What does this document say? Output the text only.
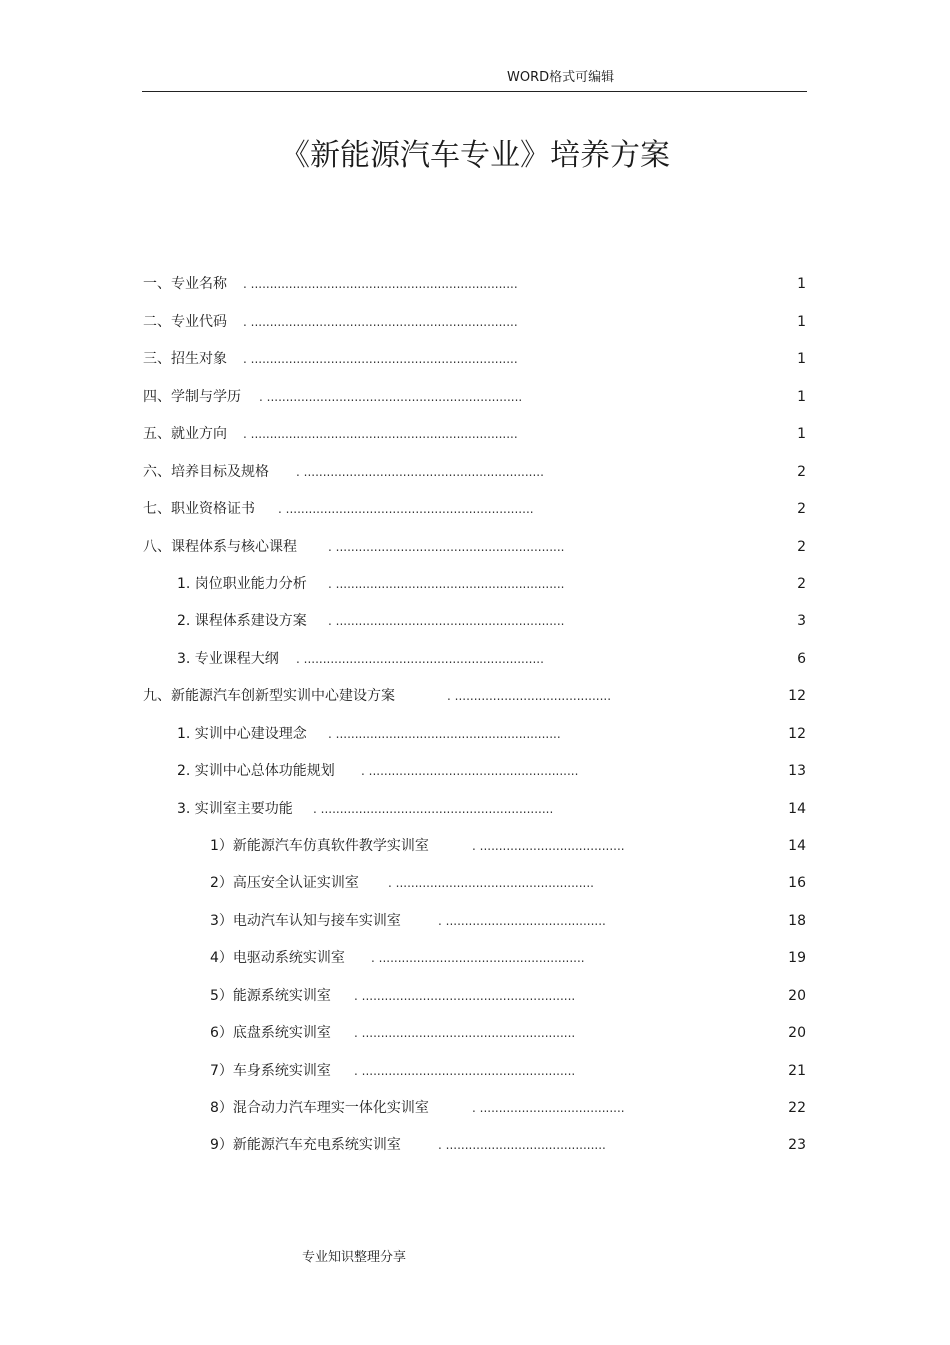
WORD格式可编辑
《新能源汽车专业》培养方案
一、专业名称 . ......................................................................	1
二、专业代码 . ......................................................................	1
三、招生对象 . ......................................................................	1
四、学制与学历 . ...................................................................	1
五、就业方向 . ......................................................................	1
六、培养目标及规格 . ...............................................................	2
七、职业资格证书 . .................................................................	2
八、课程体系与核心课程	. ............................................................	2
1. 岗位职业能力分析 . ............................................................	2
2. 课程体系建设方案 . ............................................................	3
3. 专业课程大纲 . ...............................................................	6
九、新能源汽车创新型实训中心建设方案	. .........................................	12
1. 实训中心建设理念 . ...........................................................	12
2. 实训中心总体功能规划 . .......................................................	13
3. 实训室主要功能 . .............................................................	14
1）新能源汽车仿真软件教学实训室	. ......................................	14
2）高压安全认证实训室 . ....................................................	16
3）电动汽车认知与接车实训室	. ..........................................	18
4）电驱动系统实训室 . ......................................................	19
5）能源系统实训室 . ........................................................	20
6）底盘系统实训室 . ........................................................	20
7）车身系统实训室 . ........................................................	21
8）混合动力汽车理实一体化实训室	. ......................................	22
9）新能源汽车充电系统实训室	. ..........................................	23
专业知识整理分享
